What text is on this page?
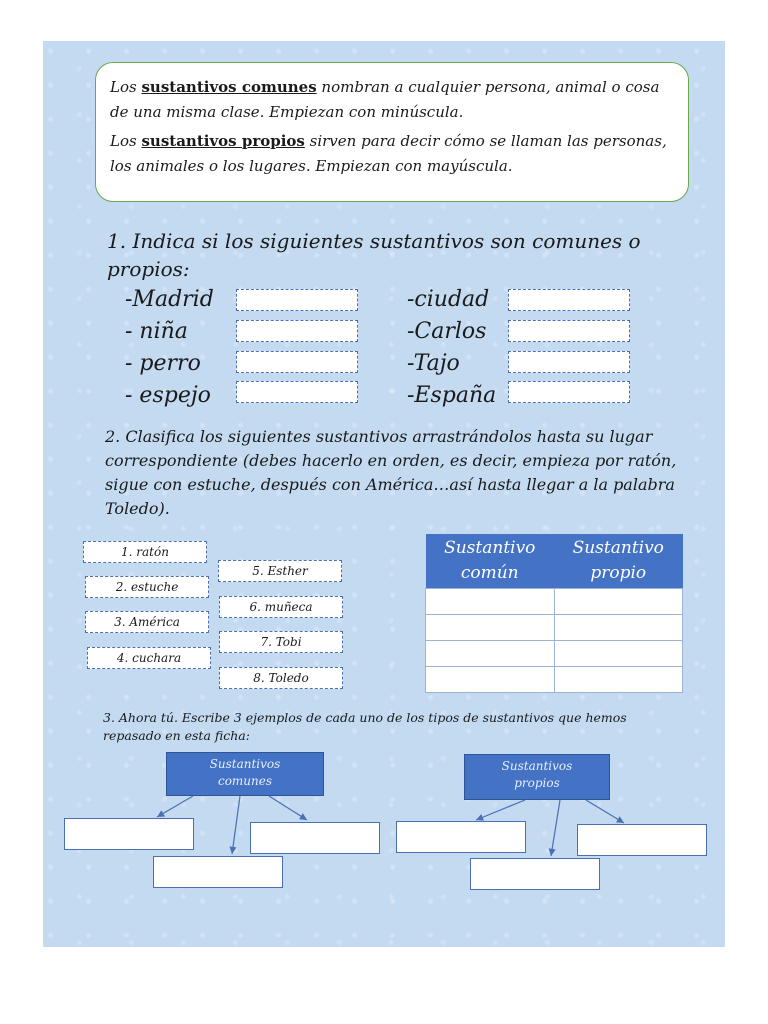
Los sustantivos comunes nombran a cualquier persona, animal o cosa de una misma clase. Empiezan con minúscula.

Los sustantivos propios sirven para decir cómo se llaman las personas, los animales o los lugares. Empiezan con mayúscula.

1. Indica si los siguientes sustantivos son comunes o propios:
-Madrid
- niña
- perro
- espejo
-ciudad
-Carlos
-Tajo
-España
2. Clasifica los siguientes sustantivos arrastrándolos hasta su lugar correspondiente (debes hacerlo en orden, es decir, empieza por ratón, sigue con estuche, después con América…así hasta llegar a la palabra Toledo).
1. ratón
2. estuche
3. América
4. cuchara
5. Esther
6. muñeca
7. Tobi
8. Toledo
Sustantivo común	Sustantivo propio

3. Ahora tú. Escribe 3 ejemplos de cada uno de los tipos de sustantivos que hemos repasado en esta ficha:
Sustantivos
comunes
Sustantivos
propios
